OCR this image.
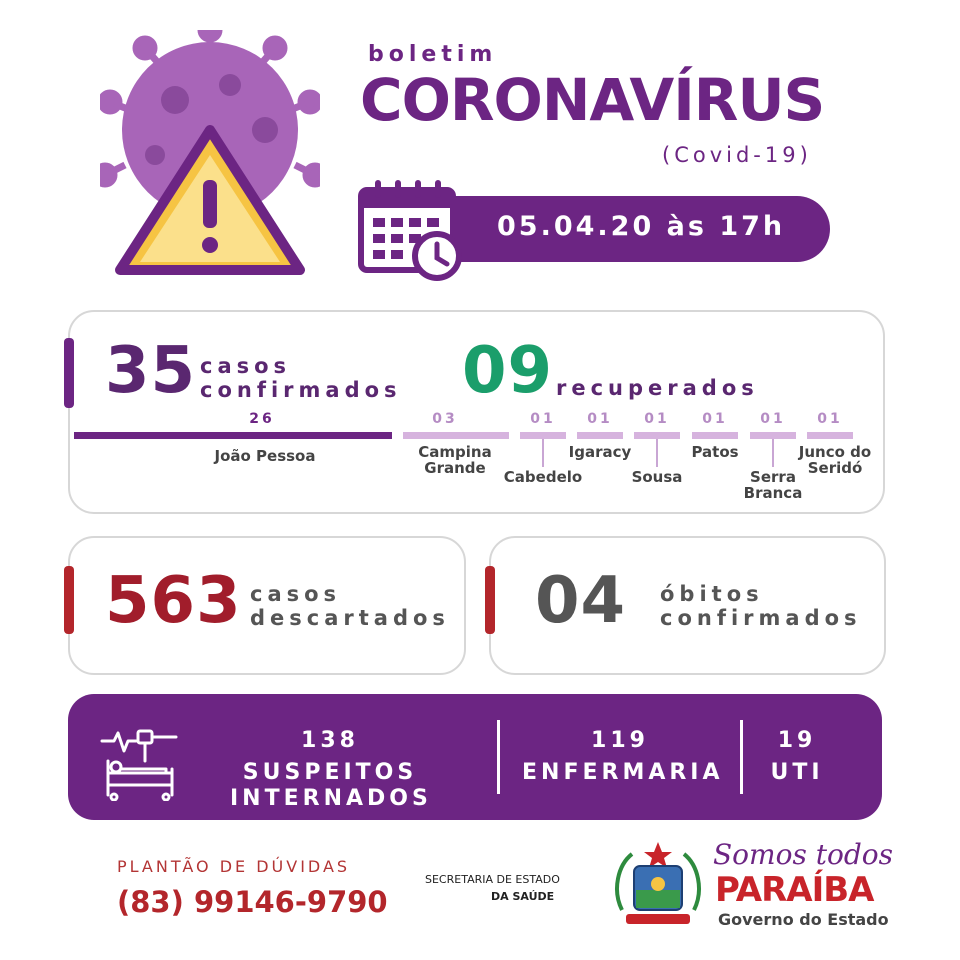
boletim
CORONAVÍRUS
(Covid-19)
05.04.20 às 17h
35 casos
confirmados 09 recuperados
26
João Pessoa
03
Campina Grande
01
Cabedelo
01
Igaracy
01
Sousa
01
Patos
01
Serra Branca
01
Junco do Seridó
563 casos
descartados 04 óbitos
confirmados
138
SUSPEITOS
INTERNADOS
119
ENFERMARIA
19
UTI
PLANTÃO DE DÚVIDAS
(83) 99146-9790
SECRETARIA DE ESTADO
DA SAÚDE
Somos todos
PARAÍBA
Governo do Estado
